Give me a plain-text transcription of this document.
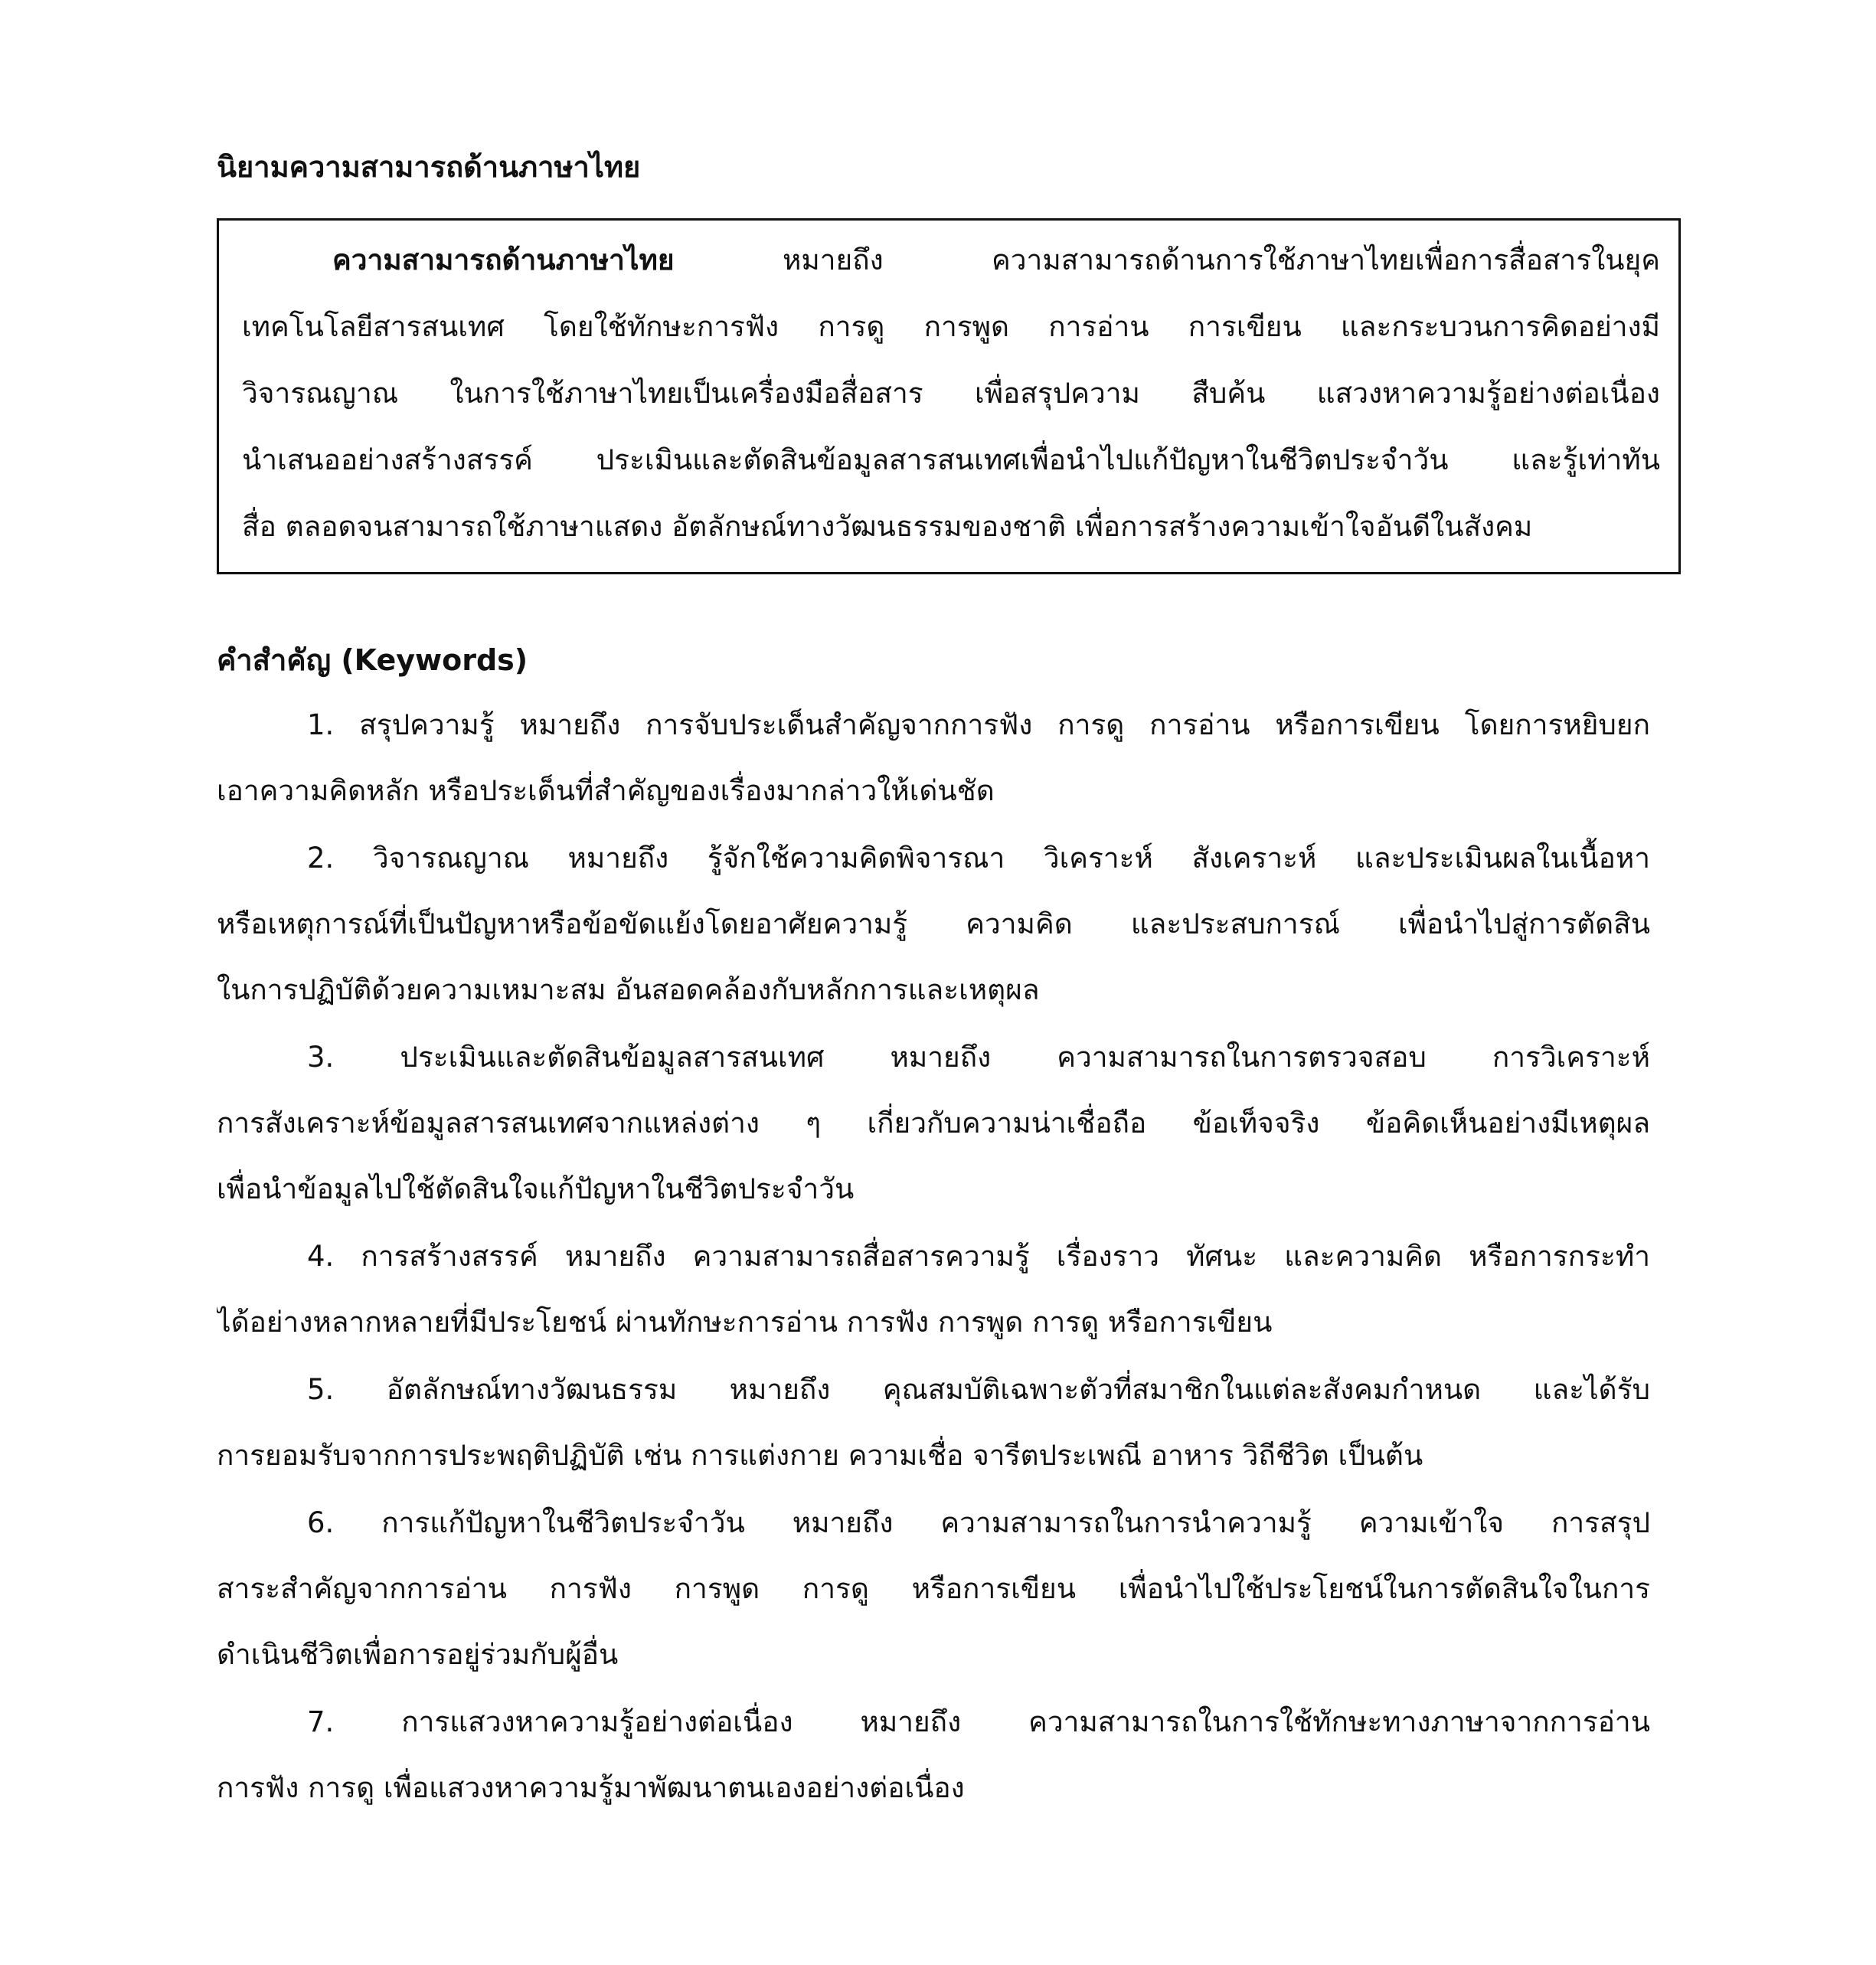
นิยามความสามารถด้านภาษาไทย
ความสามารถด้านภาษาไทย หมายถึง ความสามารถด้านการใช้ภาษาไทยเพื่อการสื่อสารในยุค
เทคโนโลยีสารสนเทศ โดยใช้ทักษะการฟัง การดู การพูด การอ่าน การเขียน และกระบวนการคิดอย่างมี
วิจารณญาณ ในการใช้ภาษาไทยเป็นเครื่องมือสื่อสาร เพื่อสรุปความ สืบค้น แสวงหาความรู้อย่างต่อเนื่อง
นำเสนออย่างสร้างสรรค์ ประเมินและตัดสินข้อมูลสารสนเทศเพื่อนำไปแก้ปัญหาในชีวิตประจำวัน และรู้เท่าทัน
สื่อ ตลอดจนสามารถใช้ภาษาแสดง อัตลักษณ์ทางวัฒนธรรมของชาติ เพื่อการสร้างความเข้าใจอันดีในสังคม
คำสำคัญ (Keywords)
1. สรุปความรู้ หมายถึง การจับประเด็นสำคัญจากการฟัง การดู การอ่าน หรือการเขียน โดยการหยิบยก
เอาความคิดหลัก หรือประเด็นที่สำคัญของเรื่องมากล่าวให้เด่นชัด
2. วิจารณญาณ หมายถึง รู้จักใช้ความคิดพิจารณา วิเคราะห์ สังเคราะห์ และประเมินผลในเนื้อหา
หรือเหตุการณ์ที่เป็นปัญหาหรือข้อขัดแย้งโดยอาศัยความรู้ ความคิด และประสบการณ์ เพื่อนำไปสู่การตัดสิน
ในการปฏิบัติด้วยความเหมาะสม อันสอดคล้องกับหลักการและเหตุผล
3. ประเมินและตัดสินข้อมูลสารสนเทศ หมายถึง ความสามารถในการตรวจสอบ การวิเคราะห์
การสังเคราะห์ข้อมูลสารสนเทศจากแหล่งต่าง ๆ เกี่ยวกับความน่าเชื่อถือ ข้อเท็จจริง ข้อคิดเห็นอย่างมีเหตุผล
เพื่อนำข้อมูลไปใช้ตัดสินใจแก้ปัญหาในชีวิตประจำวัน
4. การสร้างสรรค์ หมายถึง ความสามารถสื่อสารความรู้ เรื่องราว ทัศนะ และความคิด หรือการกระทำ
ได้อย่างหลากหลายที่มีประโยชน์ ผ่านทักษะการอ่าน การฟัง การพูด การดู หรือการเขียน
5. อัตลักษณ์ทางวัฒนธรรม หมายถึง คุณสมบัติเฉพาะตัวที่สมาชิกในแต่ละสังคมกำหนด และได้รับ
การยอมรับจากการประพฤติปฏิบัติ เช่น การแต่งกาย ความเชื่อ จารีตประเพณี อาหาร วิถีชีวิต เป็นต้น
6. การแก้ปัญหาในชีวิตประจำวัน หมายถึง ความสามารถในการนำความรู้ ความเข้าใจ การสรุป
สาระสำคัญจากการอ่าน การฟัง การพูด การดู หรือการเขียน เพื่อนำไปใช้ประโยชน์ในการตัดสินใจในการ
ดำเนินชีวิตเพื่อการอยู่ร่วมกับผู้อื่น
7. การแสวงหาความรู้อย่างต่อเนื่อง หมายถึง ความสามารถในการใช้ทักษะทางภาษาจากการอ่าน
การฟัง การดู เพื่อแสวงหาความรู้มาพัฒนาตนเองอย่างต่อเนื่อง
